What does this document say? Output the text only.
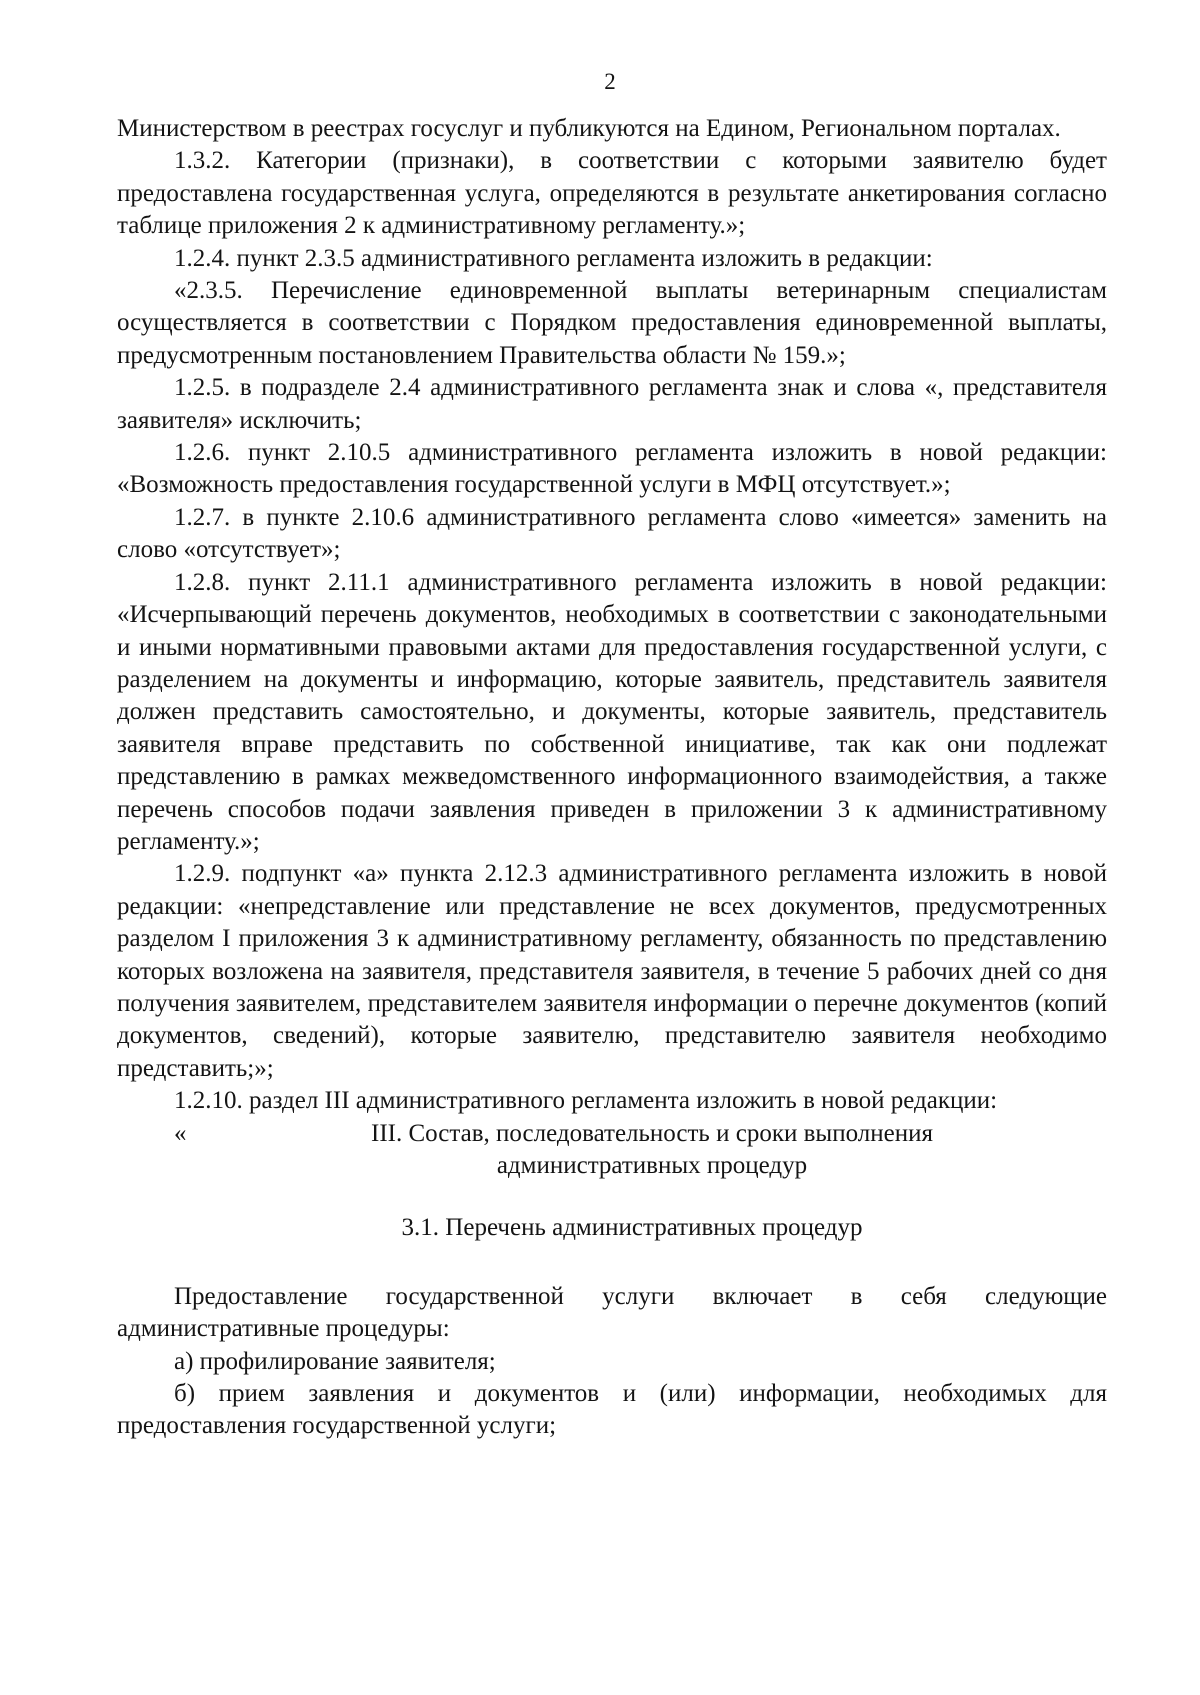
2

Министерством в реестрах госуслуг и публикуются на Едином, Региональном порталах.

1.3.2. Категории (признаки), в соответствии с которыми заявителю будет предоставлена государственная услуга, определяются в результате анкетирования согласно таблице приложения 2 к административному регламенту.»;

1.2.4. пункт 2.3.5 административного регламента изложить в редакции:

«2.3.5. Перечисление единовременной выплаты ветеринарным специалистам осуществляется в соответствии с Порядком предоставления единовременной выплаты, предусмотренным постановлением Правительства области № 159.»;

1.2.5. в подразделе 2.4 административного регламента знак и слова «, представителя заявителя» исключить;

1.2.6. пункт 2.10.5 административного регламента изложить в новой редакции: «Возможность предоставления государственной услуги в МФЦ отсутствует.»;

1.2.7. в пункте 2.10.6 административного регламента слово «имеется» заменить на слово «отсутствует»;

1.2.8. пункт 2.11.1 административного регламента изложить в новой редакции: «Исчерпывающий перечень документов, необходимых в соответствии с законодательными и иными нормативными правовыми актами для предоставления государственной услуги, с разделением на документы и информацию, которые заявитель, представитель заявителя должен представить самостоятельно, и документы, которые заявитель, представитель заявителя вправе представить по собственной инициативе, так как они подлежат представлению в рамках межведомственного информационного взаимодействия, а также перечень способов подачи заявления приведен в приложении 3 к административному регламенту.»;

1.2.9. подпункт «а» пункта 2.12.3 административного регламента изложить в новой редакции: «непредставление или представление не всех документов, предусмотренных разделом I приложения 3 к административному регламенту, обязанность по представлению которых возложена на заявителя, представителя заявителя, в течение 5 рабочих дней со дня получения заявителем, представителем заявителя информации о перечне документов (копий документов, сведений), которые заявителю, представителю заявителя необходимо представить;»;

1.2.10. раздел III административного регламента изложить в новой редакции:

«	III. Состав, последовательность и сроки выполнения
административных процедур
3.1. Перечень административных процедур

Предоставление государственной услуги включает в себя следующие административные процедуры:

а) профилирование заявителя;

б) прием заявления и документов и (или) информации, необходимых для предоставления государственной услуги;
